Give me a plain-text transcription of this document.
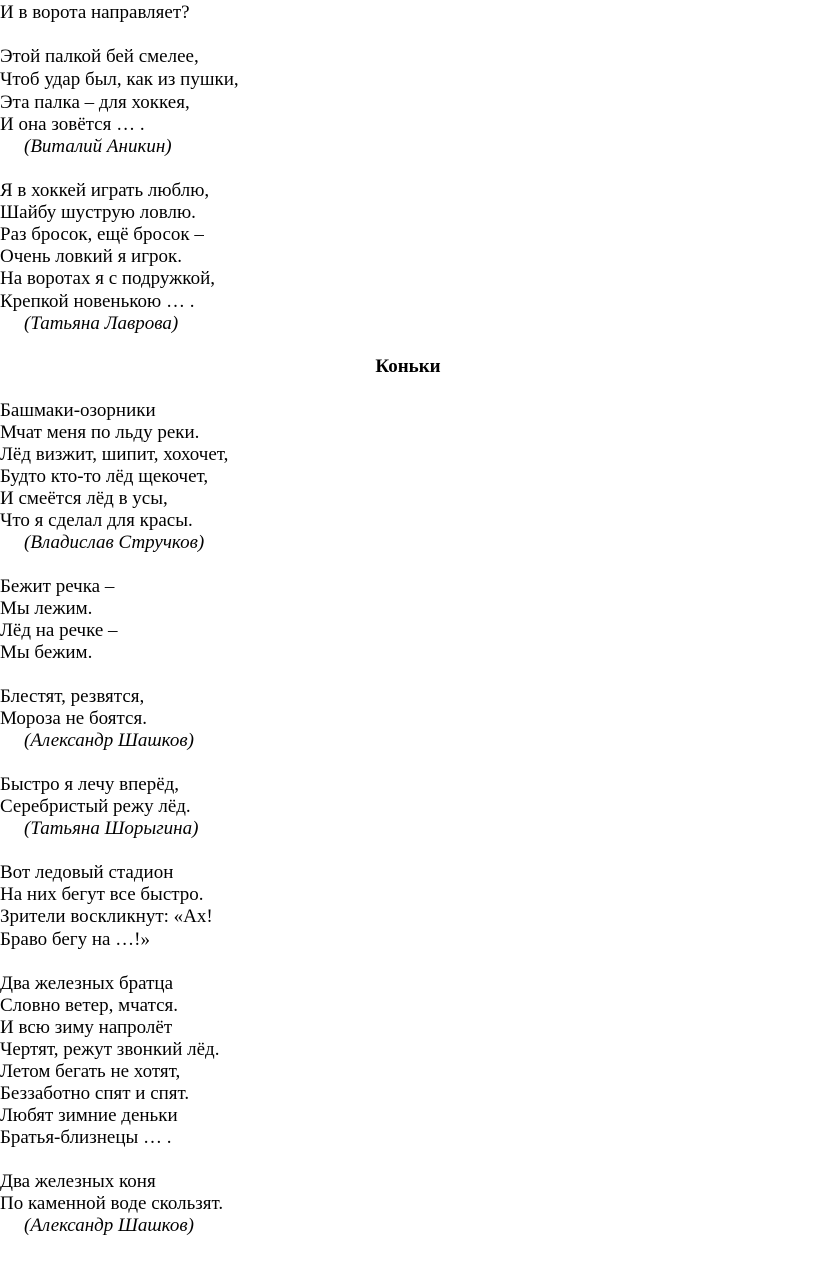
И в ворота направляет?
Этой палкой бей смелее,
Чтоб удар был, как из пушки,
Эта палка – для хоккея,
И она зовётся … .
(Виталий Аникин)
Я в хоккей играть люблю,
Шайбу шуструю ловлю.
Раз бросок, ещё бросок –
Очень ловкий я игрок.
На воротах я с подружкой,
Крепкой новенькою … .
(Татьяна Лаврова)
Коньки
Башмаки-озорники
Мчат меня по льду реки.
Лёд визжит, шипит, хохочет,
Будто кто-то лёд щекочет,
И смеётся лёд в усы,
Что я сделал для красы.
(Владислав Стручков)
Бежит речка –
Мы лежим.
Лёд на речке –
Мы бежим.
Блестят, резвятся,
Мороза не боятся.
(Александр Шашков)
Быстро я лечу вперёд,
Серебристый режу лёд.
(Татьяна Шорыгина)
Вот ледовый стадион
На них бегут все быстро.
Зрители воскликнут: «Ах!
Браво бегу на …!»
Два железных братца
Словно ветер, мчатся.
И всю зиму напролёт
Чертят, режут звонкий лёд.
Летом бегать не хотят,
Беззаботно спят и спят.
Любят зимние деньки
Братья-близнецы … .
Два железных коня
По каменной воде скользят.
(Александр Шашков)
